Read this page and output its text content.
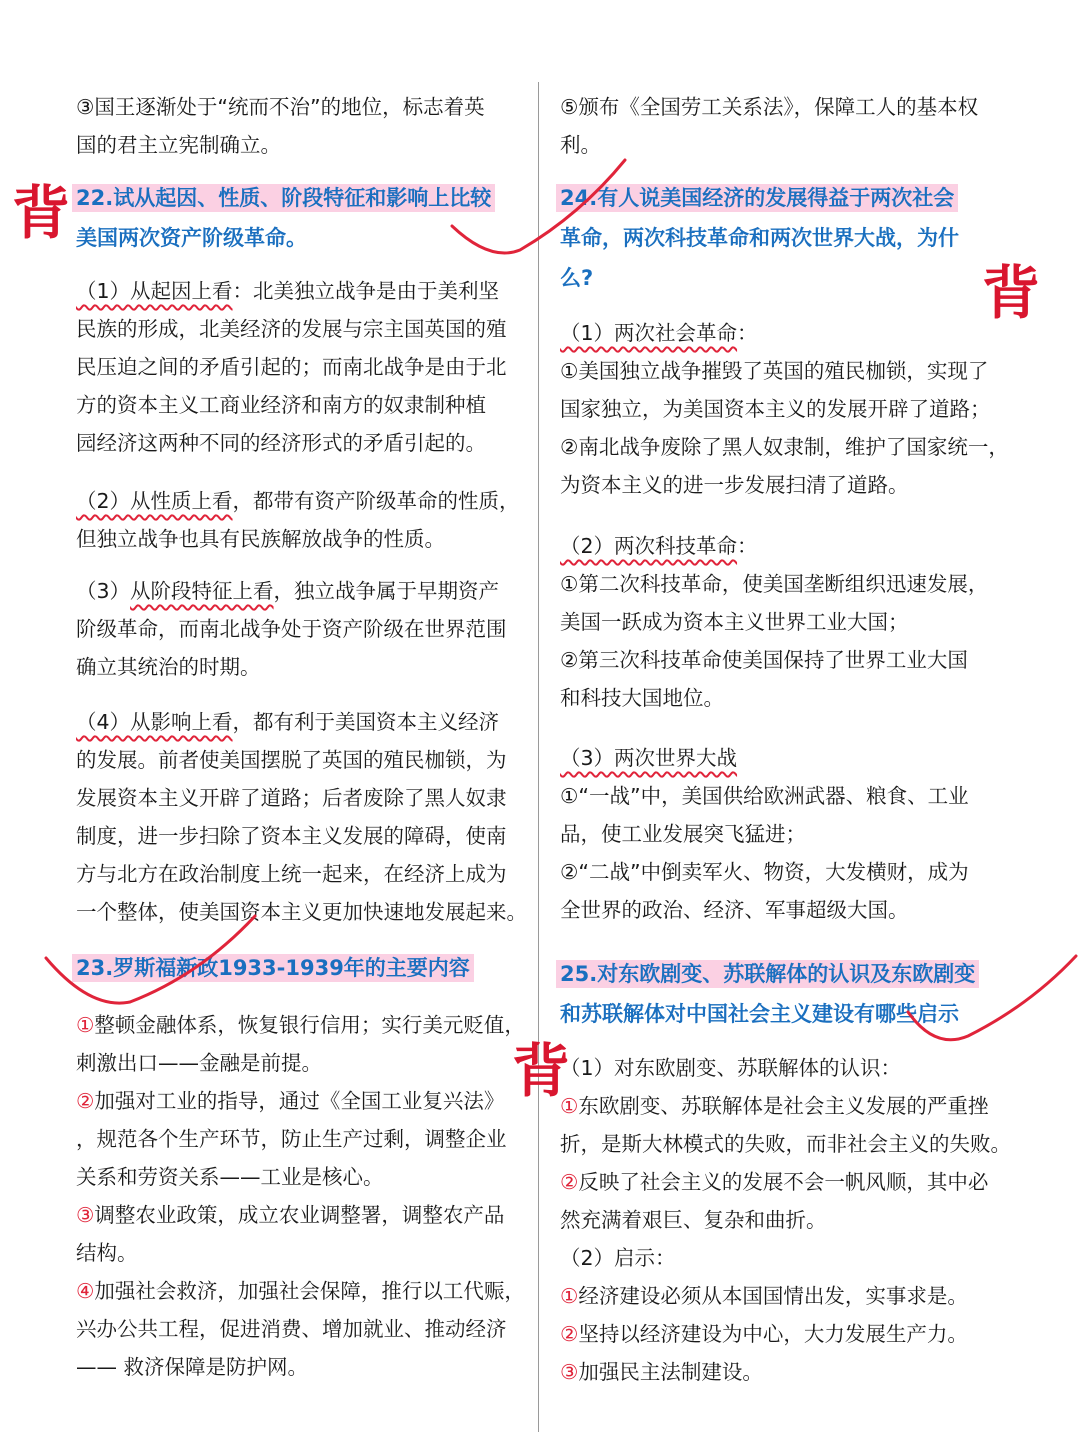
③国王逐渐处于“统而不治”的地位，标志着英
国的君主立宪制确立。
22.试从起因、性质、阶段特征和影响上比较
美国两次资产阶级革命。
（1）从起因上看：北美独立战争是由于美利坚
民族的形成，北美经济的发展与宗主国英国的殖
民压迫之间的矛盾引起的；而南北战争是由于北
方的资本主义工商业经济和南方的奴隶制种植
园经济这两种不同的经济形式的矛盾引起的。
（2）从性质上看，都带有资产阶级革命的性质，
但独立战争也具有民族解放战争的性质。
（3）从阶段特征上看，独立战争属于早期资产
阶级革命，而南北战争处于资产阶级在世界范围
确立其统治的时期。
（4）从影响上看，都有利于美国资本主义经济
的发展。前者使美国摆脱了英国的殖民枷锁，为
发展资本主义开辟了道路；后者废除了黑人奴隶
制度，进一步扫除了资本主义发展的障碍，使南
方与北方在政治制度上统一起来，在经济上成为
一个整体，使美国资本主义更加快速地发展起来。
23.罗斯福新政1933-1939年的主要内容
①整顿金融体系，恢复银行信用；实行美元贬值，
刺激出口——金融是前提。
②加强对工业的指导，通过《全国工业复兴法》
，规范各个生产环节，防止生产过剩，调整企业
关系和劳资关系——工业是核心。
③调整农业政策，成立农业调整署，调整农产品
结构。
④加强社会救济，加强社会保障，推行以工代赈，
兴办公共工程，促进消费、增加就业、推动经济
—— 救济保障是防护网。
⑤颁布《全国劳工关系法》，保障工人的基本权
利。
24.有人说美国经济的发展得益于两次社会
革命，两次科技革命和两次世界大战，为什
么?
（1）两次社会革命：
①美国独立战争摧毁了英国的殖民枷锁，实现了
国家独立，为美国资本主义的发展开辟了道路；
②南北战争废除了黑人奴隶制，维护了国家统一，
为资本主义的进一步发展扫清了道路。
（2）两次科技革命：
①第二次科技革命，使美国垄断组织迅速发展，
美国一跃成为资本主义世界工业大国；
②第三次科技革命使美国保持了世界工业大国
和科技大国地位。
（3）两次世界大战
①“一战”中，美国供给欧洲武器、粮食、工业
品，使工业发展突飞猛进；
②“二战”中倒卖军火、物资，大发横财，成为
全世界的政治、经济、军事超级大国。
25.对东欧剧变、苏联解体的认识及东欧剧变
和苏联解体对中国社会主义建设有哪些启示
（1）对东欧剧变、苏联解体的认识：
①东欧剧变、苏联解体是社会主义发展的严重挫
折，是斯大林模式的失败，而非社会主义的失败。
②反映了社会主义的发展不会一帆风顺，其中必
然充满着艰巨、复杂和曲折。
（2）启示：
①经济建设必须从本国国情出发，实事求是。
②坚持以经济建设为中心，大力发展生产力。
③加强民主法制建设。
背
背
背
